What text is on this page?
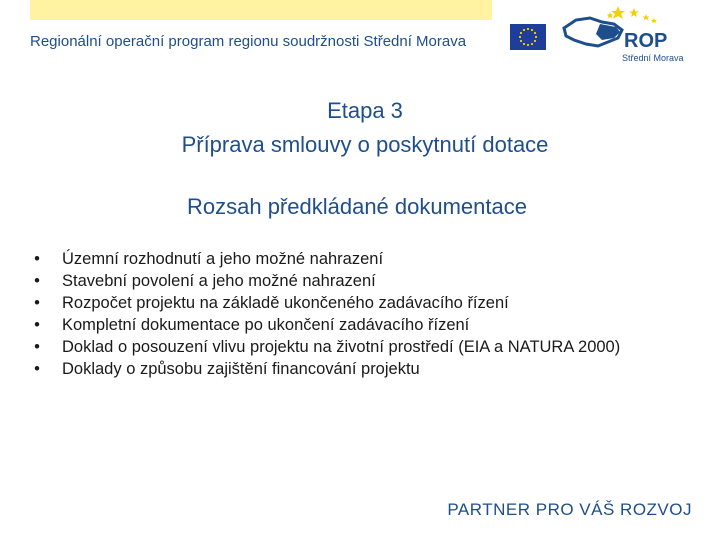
Regionální operační program regionu soudržnosti Střední Morava	ROP
Střední Morava
Etapa 3
Příprava smlouvy o poskytnutí dotace
Rozsah předkládané dokumentace
• Územní rozhodnutí a jeho možné nahrazení
• Stavební povolení a jeho možné nahrazení
• Rozpočet projektu na základě ukončeného zadávacího řízení
• Kompletní dokumentace po ukončení zadávacího řízení
• Doklad o posouzení vlivu projektu na životní prostředí (EIA a NATURA 2000)
• Doklady o způsobu zajištění financování projektu
PARTNER PRO VÁŠ ROZVOJ
